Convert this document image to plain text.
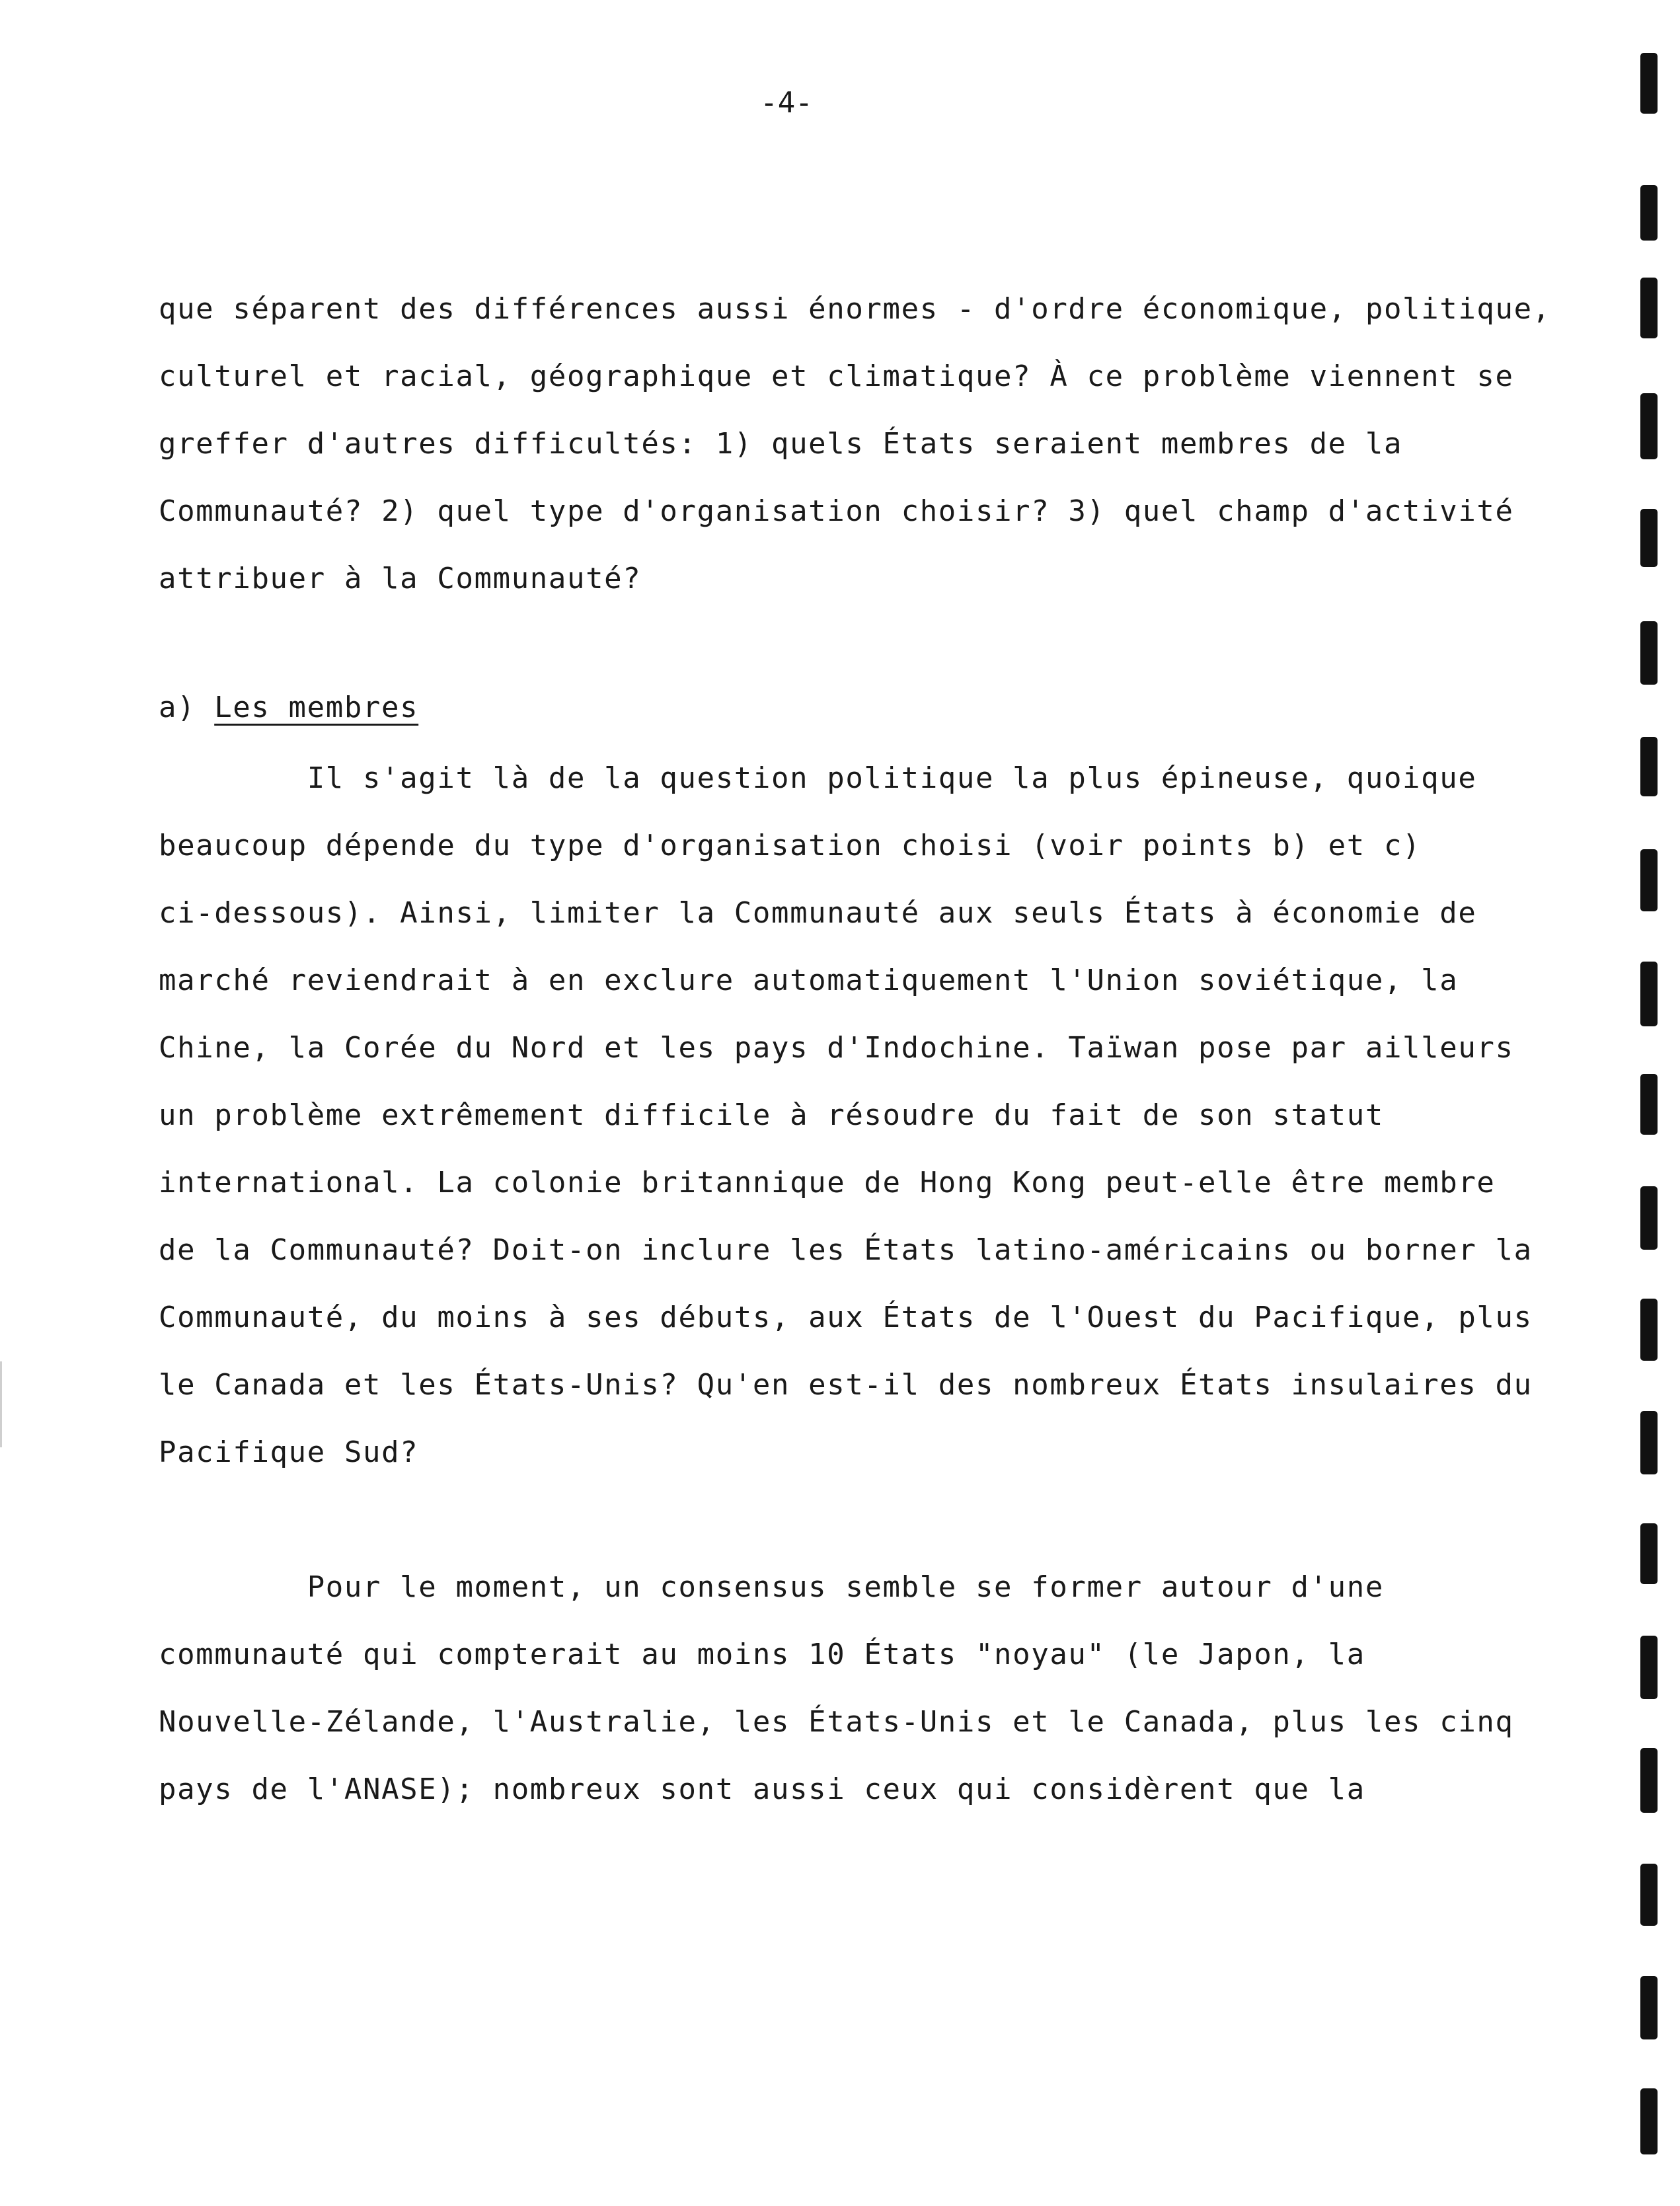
-4-
que séparent des différences aussi énormes - d'ordre économique, politique,
culturel et racial, géographique et climatique? À ce problème viennent se
greffer d'autres difficultés: 1) quels États seraient membres de la
Communauté? 2) quel type d'organisation choisir? 3) quel champ d'activité
attribuer à la Communauté?
a) Les membres
Il s'agit là de la question politique la plus épineuse, quoique
beaucoup dépende du type d'organisation choisi (voir points b) et c)
ci-dessous). Ainsi, limiter la Communauté aux seuls États à économie de
marché reviendrait à en exclure automatiquement l'Union soviétique, la
Chine, la Corée du Nord et les pays d'Indochine. Taïwan pose par ailleurs
un problème extrêmement difficile à résoudre du fait de son statut
international. La colonie britannique de Hong Kong peut-elle être membre
de la Communauté? Doit-on inclure les États latino-américains ou borner la
Communauté, du moins à ses débuts, aux États de l'Ouest du Pacifique, plus
le Canada et les États-Unis? Qu'en est-il des nombreux États insulaires du
Pacifique Sud?
Pour le moment, un consensus semble se former autour d'une
communauté qui compterait au moins 10 États "noyau" (le Japon, la
Nouvelle-Zélande, l'Australie, les États-Unis et le Canada, plus les cinq
pays de l'ANASE); nombreux sont aussi ceux qui considèrent que la
